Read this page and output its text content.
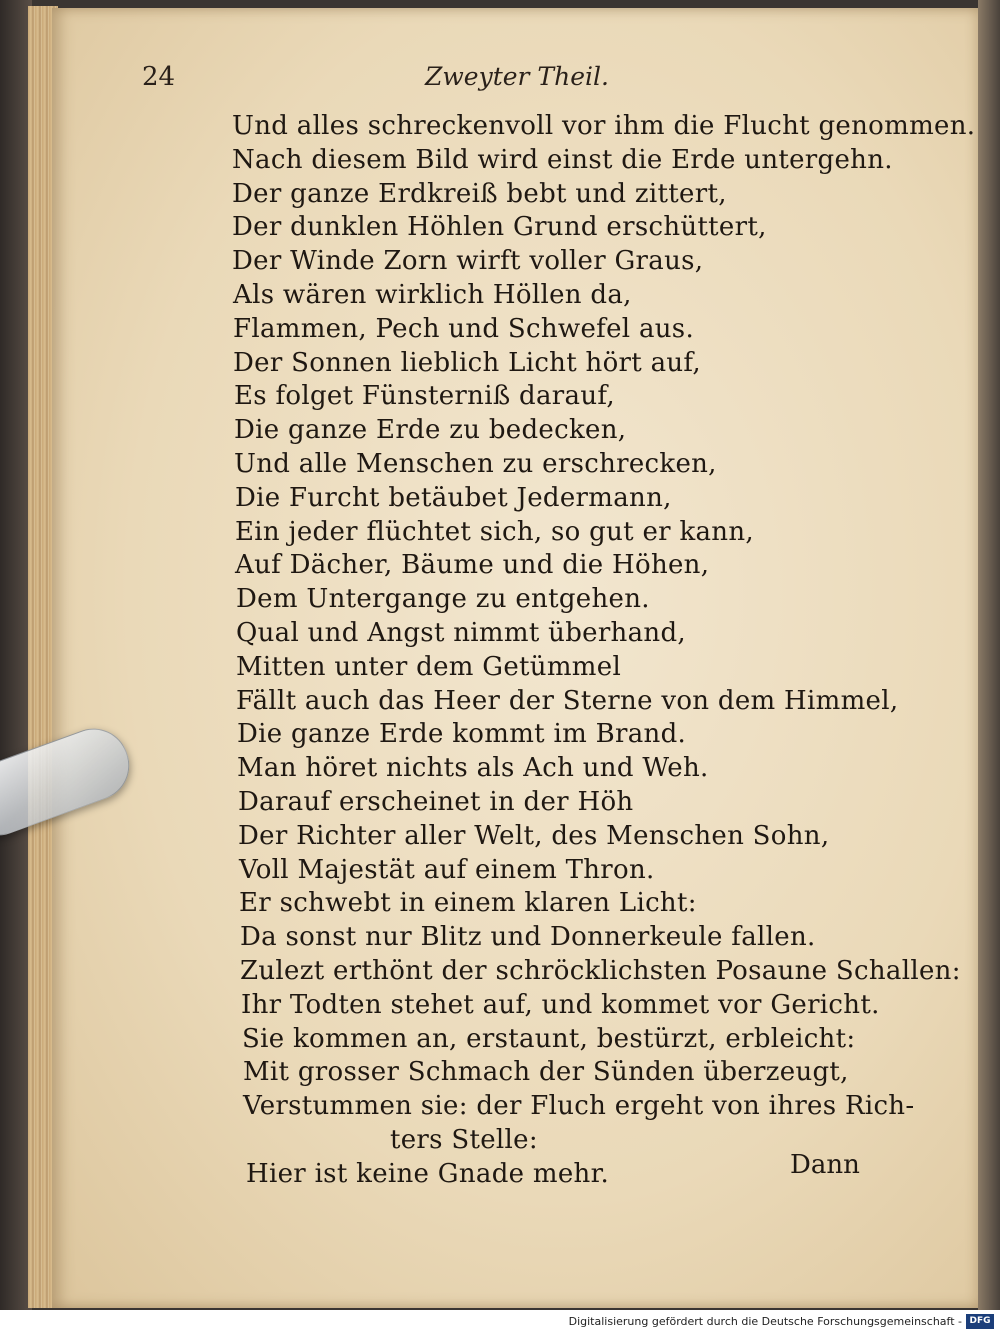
24	Zweyter Theil.
Und alles schreckenvoll vor ihm die Flucht genommen.
Nach diesem Bild wird einst die Erde untergehn.
Der ganze Erdkreiß bebt und zittert,
Der dunklen Höhlen Grund erschüttert,
Der Winde Zorn wirft voller Graus,
Als wären wirklich Höllen da,
Flammen, Pech und Schwefel aus.
Der Sonnen lieblich Licht hört auf,
Es folget Fünsterniß darauf,
Die ganze Erde zu bedecken,
Und alle Menschen zu erschrecken,
Die Furcht betäubet Jedermann,
Ein jeder flüchtet sich, so gut er kann,
Auf Dächer, Bäume und die Höhen,
Dem Untergange zu entgehen.
Qual und Angst nimmt überhand,
Mitten unter dem Getümmel
Fällt auch das Heer der Sterne von dem Himmel,
Die ganze Erde kommt im Brand.
Man höret nichts als Ach und Weh.
Darauf erscheinet in der Höh
Der Richter aller Welt, des Menschen Sohn,
Voll Majestät auf einem Thron.
Er schwebt in einem klaren Licht:
Da sonst nur Blitz und Donnerkeule fallen.
Zulezt erthönt der schröcklichsten Posaune Schallen:
Ihr Todten stehet auf, und kommet vor Gericht.
Sie kommen an, erstaunt, bestürzt, erbleicht:
Mit grosser Schmach der Sünden überzeugt,
Verstummen sie: der Fluch ergeht von ihres Rich-
ters Stelle:
Hier ist keine Gnade mehr.	Dann
Digitalisierung gefördert durch die Deutsche Forschungsgemeinschaft - DFG
